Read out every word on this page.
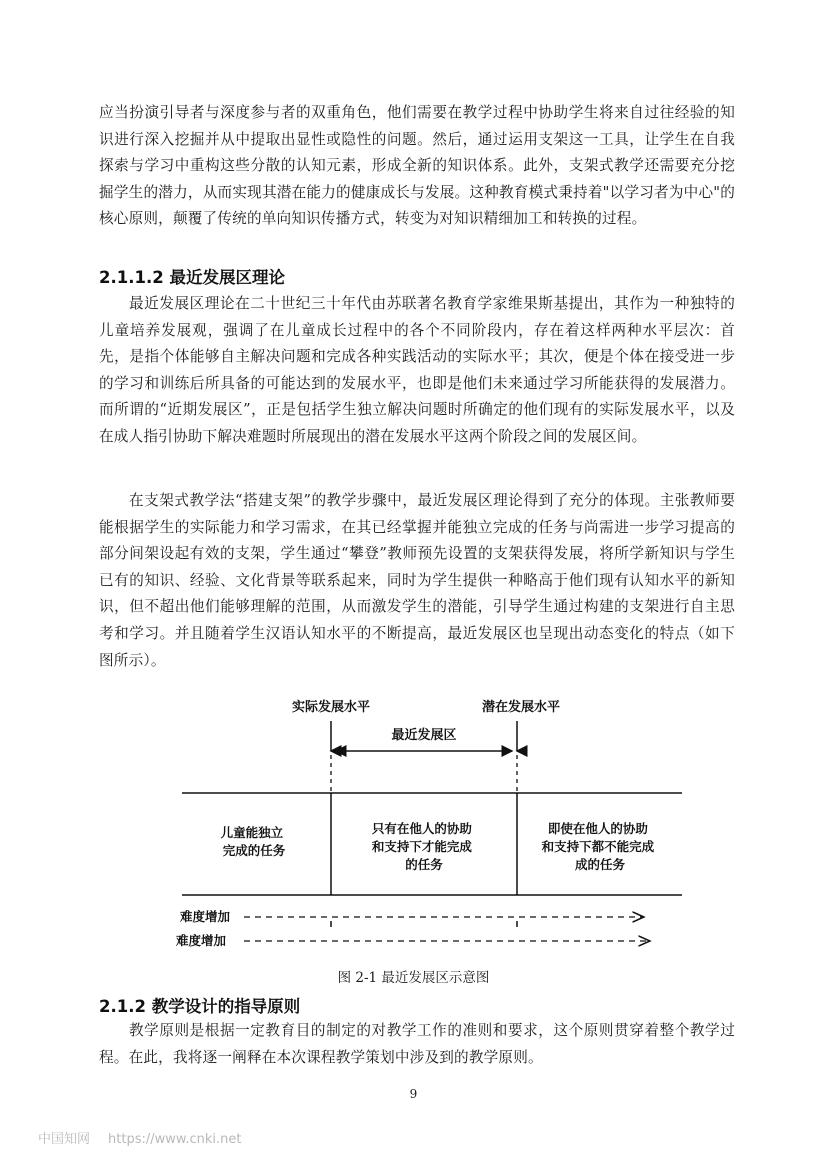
应当扮演引导者与深度参与者的双重角色，他们需要在教学过程中协助学生将来自过往经验的知识进行深入挖掘并从中提取出显性或隐性的问题。然后，通过运用支架这一工具，让学生在自我探索与学习中重构这些分散的认知元素，形成全新的知识体系。此外，支架式教学还需要充分挖掘学生的潜力，从而实现其潜在能力的健康成长与发展。这种教育模式秉持着"以学习者为中心"的核心原则，颠覆了传统的单向知识传播方式，转变为对知识精细加工和转换的过程。

2.1.1.2 最近发展区理论

最近发展区理论在二十世纪三十年代由苏联著名教育学家维果斯基提出，其作为一种独特的儿童培养发展观，强调了在儿童成长过程中的各个不同阶段内，存在着这样两种水平层次：首先，是指个体能够自主解决问题和完成各种实践活动的实际水平；其次，便是个体在接受进一步的学习和训练后所具备的可能达到的发展水平，也即是他们未来通过学习所能获得的发展潜力。而所谓的“近期发展区”，正是包括学生独立解决问题时所确定的他们现有的实际发展水平，以及在成人指引协助下解决难题时所展现出的潜在发展水平这两个阶段之间的发展区间。

在支架式教学法“搭建支架”的教学步骤中，最近发展区理论得到了充分的体现。主张教师要能根据学生的实际能力和学习需求，在其已经掌握并能独立完成的任务与尚需进一步学习提高的部分间架设起有效的支架，学生通过“攀登”教师预先设置的支架获得发展，将所学新知识与学生已有的知识、经验、文化背景等联系起来，同时为学生提供一种略高于他们现有认知水平的新知识，但不超出他们能够理解的范围，从而激发学生的潜能，引导学生通过构建的支架进行自主思考和学习。并且随着学生汉语认知水平的不断提高，最近发展区也呈现出动态变化的特点（如下图所示）。

实际发展水平	潜在发展水平
最近发展区
儿童能独立 完成的任务
只有在他人的协助 和支持下才能完成 的任务
即使在他人的协助 和支持下都不能完成 成的任务
难度增加
难度增加

图 2-1 最近发展区示意图

2.1.2 教学设计的指导原则

教学原则是根据一定教育目的制定的对教学工作的准则和要求，这个原则贯穿着整个教学过程。在此，我将逐一阐释在本次课程教学策划中涉及到的教学原则。

9

中国知网 https://www.cnki.net
